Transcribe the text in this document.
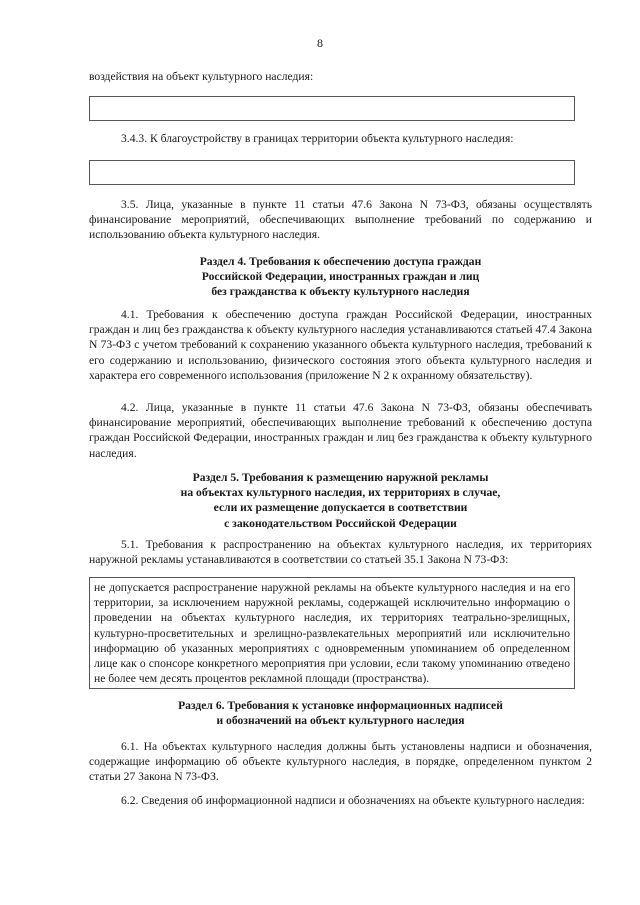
8
воздействия на объект культурного наследия:
3.4.3. К благоустройству в границах территории объекта культурного наследия:
3.5. Лица, указанные в пункте 11 статьи 47.6 Закона N 73-ФЗ, обязаны осуществлять финансирование мероприятий, обеспечивающих выполнение требований по содержанию и использованию объекта культурного наследия.

Раздел 4. Требования к обеспечению доступа граждан

Российской Федерации, иностранных граждан и лиц

без гражданства к объекту культурного наследия

4.1. Требования к обеспечению доступа граждан Российской Федерации, иностранных граждан и лиц без гражданства к объекту культурного наследия устанавливаются статьей 47.4 Закона N 73-ФЗ с учетом требований к сохранению указанного объекта культурного наследия, требований к его содержанию и использованию, физического состояния этого объекта культурного наследия и характера его современного использования (приложение N 2 к охранному обязательству).
4.2. Лица, указанные в пункте 11 статьи 47.6 Закона N 73-ФЗ, обязаны обеспечивать финансирование мероприятий, обеспечивающих выполнение требований к обеспечению доступа граждан Российской Федерации, иностранных граждан и лиц без гражданства к объекту культурного наследия.

Раздел 5. Требования к размещению наружной рекламы

на объектах культурного наследия, их территориях в случае,

если их размещение допускается в соответствии

с законодательством Российской Федерации

5.1. Требования к распространению на объектах культурного наследия, их территориях наружной рекламы устанавливаются в соответствии со статьей 35.1 Закона N 73-ФЗ:

не допускается распространение наружной рекламы на объекте культурного наследия и на его территории, за исключением наружной рекламы, содержащей исключительно информацию о проведении на объектах культурного наследия, их территориях театрально-зрелищных, культурно-просветительных и зрелищно-развлекательных мероприятий или исключительно информацию об указанных мероприятиях с одновременным упоминанием об определенном лице как о спонсоре конкретного мероприятия при условии, если такому упоминанию отведено не более чем десять процентов рекламной площади (пространства).

Раздел 6. Требования к установке информационных надписей

и обозначений на объект культурного наследия

6.1. На объектах культурного наследия должны быть установлены надписи и обозначения, содержащие информацию об объекте культурного наследия, в порядке, определенном пунктом 2 статьи 27 Закона N 73-ФЗ.
6.2. Сведения об информационной надписи и обозначениях на объекте культурного наследия:
